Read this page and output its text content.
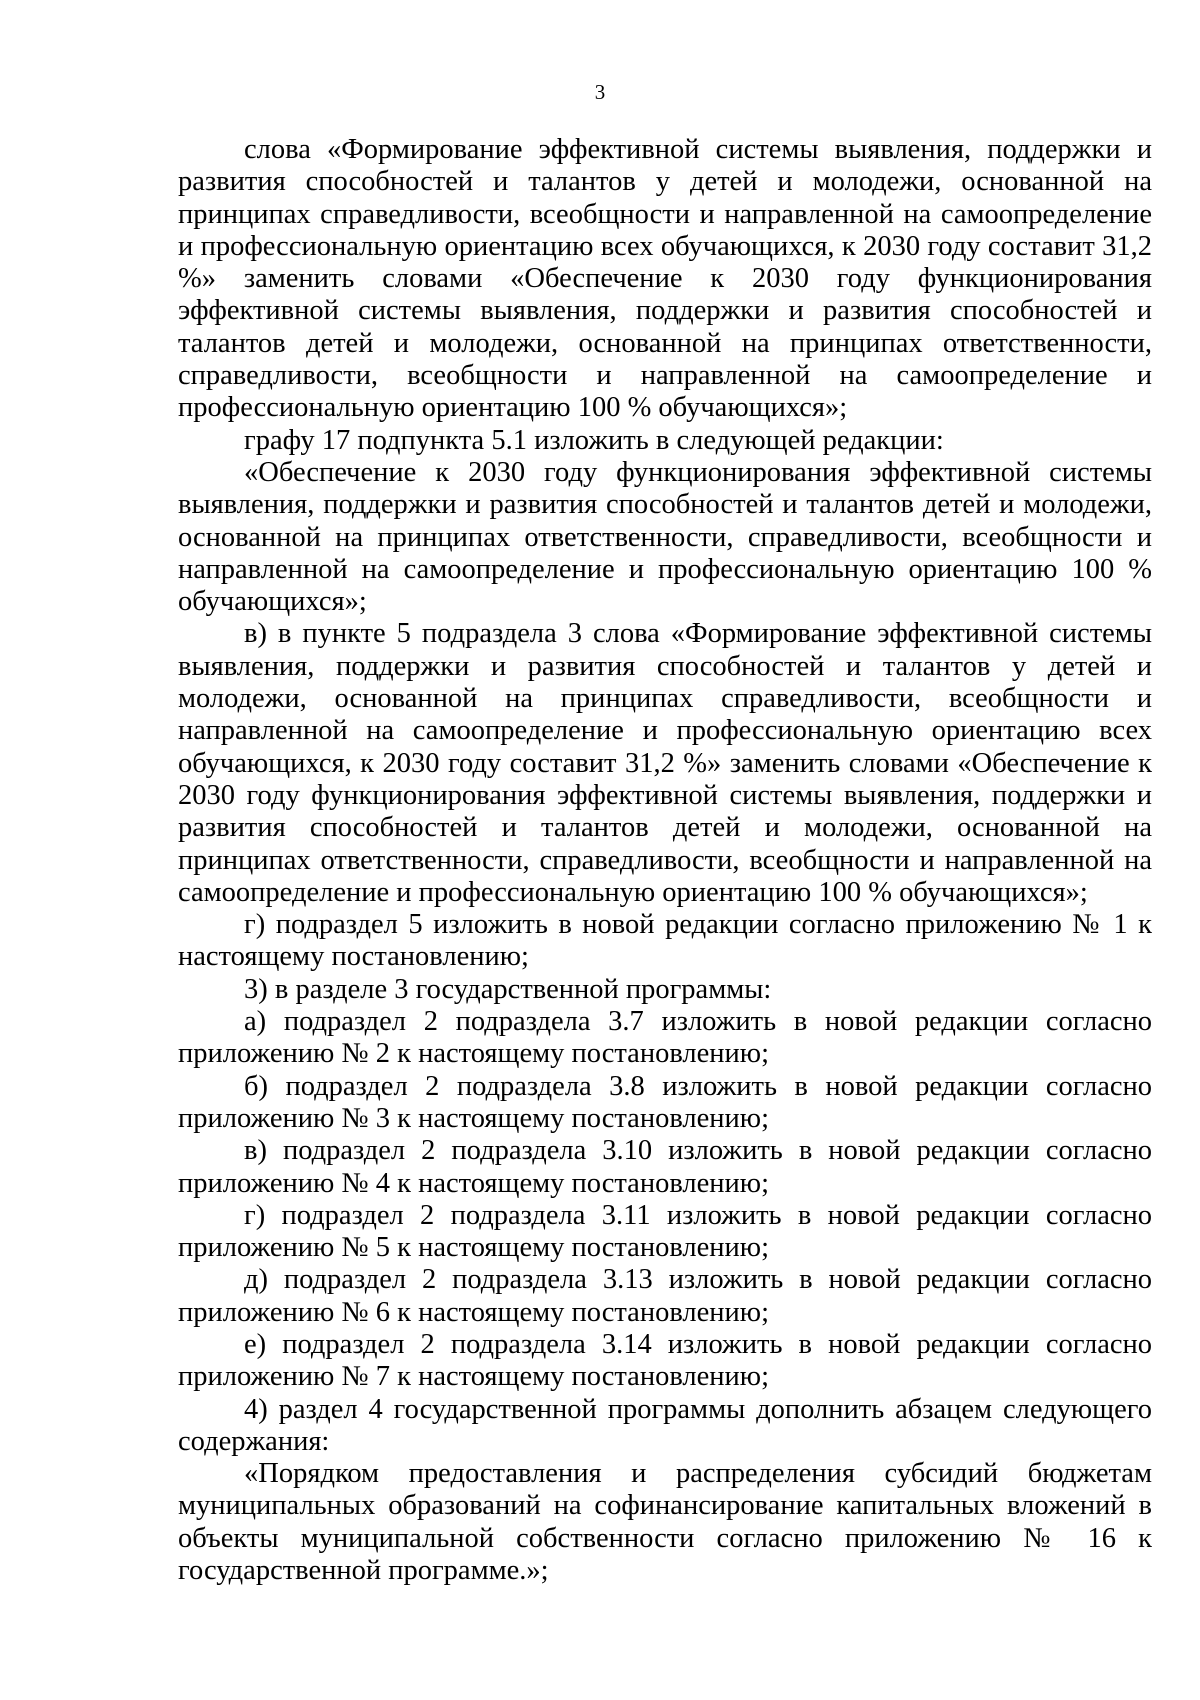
3

слова «Формирование эффективной системы выявления, поддержки и развития способностей и талантов у детей и молодежи, основанной на принципах справедливости, всеобщности и направленной на самоопределение и профессиональную ориентацию всех обучающихся, к 2030 году составит 31,2 %» заменить словами «Обеспечение к 2030 году функционирования эффективной системы выявления, поддержки и развития способностей и талантов детей и молодежи, основанной на принципах ответственности, справедливости, всеобщности и направленной на самоопределение и профессиональную ориентацию 100 % обучающихся»;

графу 17 подпункта 5.1 изложить в следующей редакции:

«Обеспечение к 2030 году функционирования эффективной системы выявления, поддержки и развития способностей и талантов детей и молодежи, основанной на принципах ответственности, справедливости, всеобщности и направленной на самоопределение и профессиональную ориентацию 100 % обучающихся»;

в) в пункте 5 подраздела 3 слова «Формирование эффективной системы выявления, поддержки и развития способностей и талантов у детей и молодежи, основанной на принципах справедливости, всеобщности и направленной на самоопределение и профессиональную ориентацию всех обучающихся, к 2030 году составит 31,2 %» заменить словами «Обеспечение к 2030 году функционирования эффективной системы выявления, поддержки и развития способностей и талантов детей и молодежи, основанной на принципах ответственности, справедливости, всеобщности и направленной на самоопределение и профессиональную ориентацию 100 % обучающихся»;

г) подраздел 5 изложить в новой редакции согласно приложению № 1 к настоящему постановлению;

3) в разделе 3 государственной программы:

а) подраздел 2 подраздела 3.7 изложить в новой редакции согласно приложению № 2 к настоящему постановлению;

б) подраздел 2 подраздела 3.8 изложить в новой редакции согласно приложению № 3 к настоящему постановлению;

в) подраздел 2 подраздела 3.10 изложить в новой редакции согласно приложению № 4 к настоящему постановлению;

г) подраздел 2 подраздела 3.11 изложить в новой редакции согласно приложению № 5 к настоящему постановлению;

д) подраздел 2 подраздела 3.13 изложить в новой редакции согласно приложению № 6 к настоящему постановлению;

е) подраздел 2 подраздела 3.14 изложить в новой редакции согласно приложению № 7 к настоящему постановлению;

4) раздел 4 государственной программы дополнить абзацем следующего содержания:

«Порядком предоставления и распределения субсидий бюджетам муниципальных образований на софинансирование капитальных вложений в объекты муниципальной собственности согласно приложению № 16 к государственной программе.»;
